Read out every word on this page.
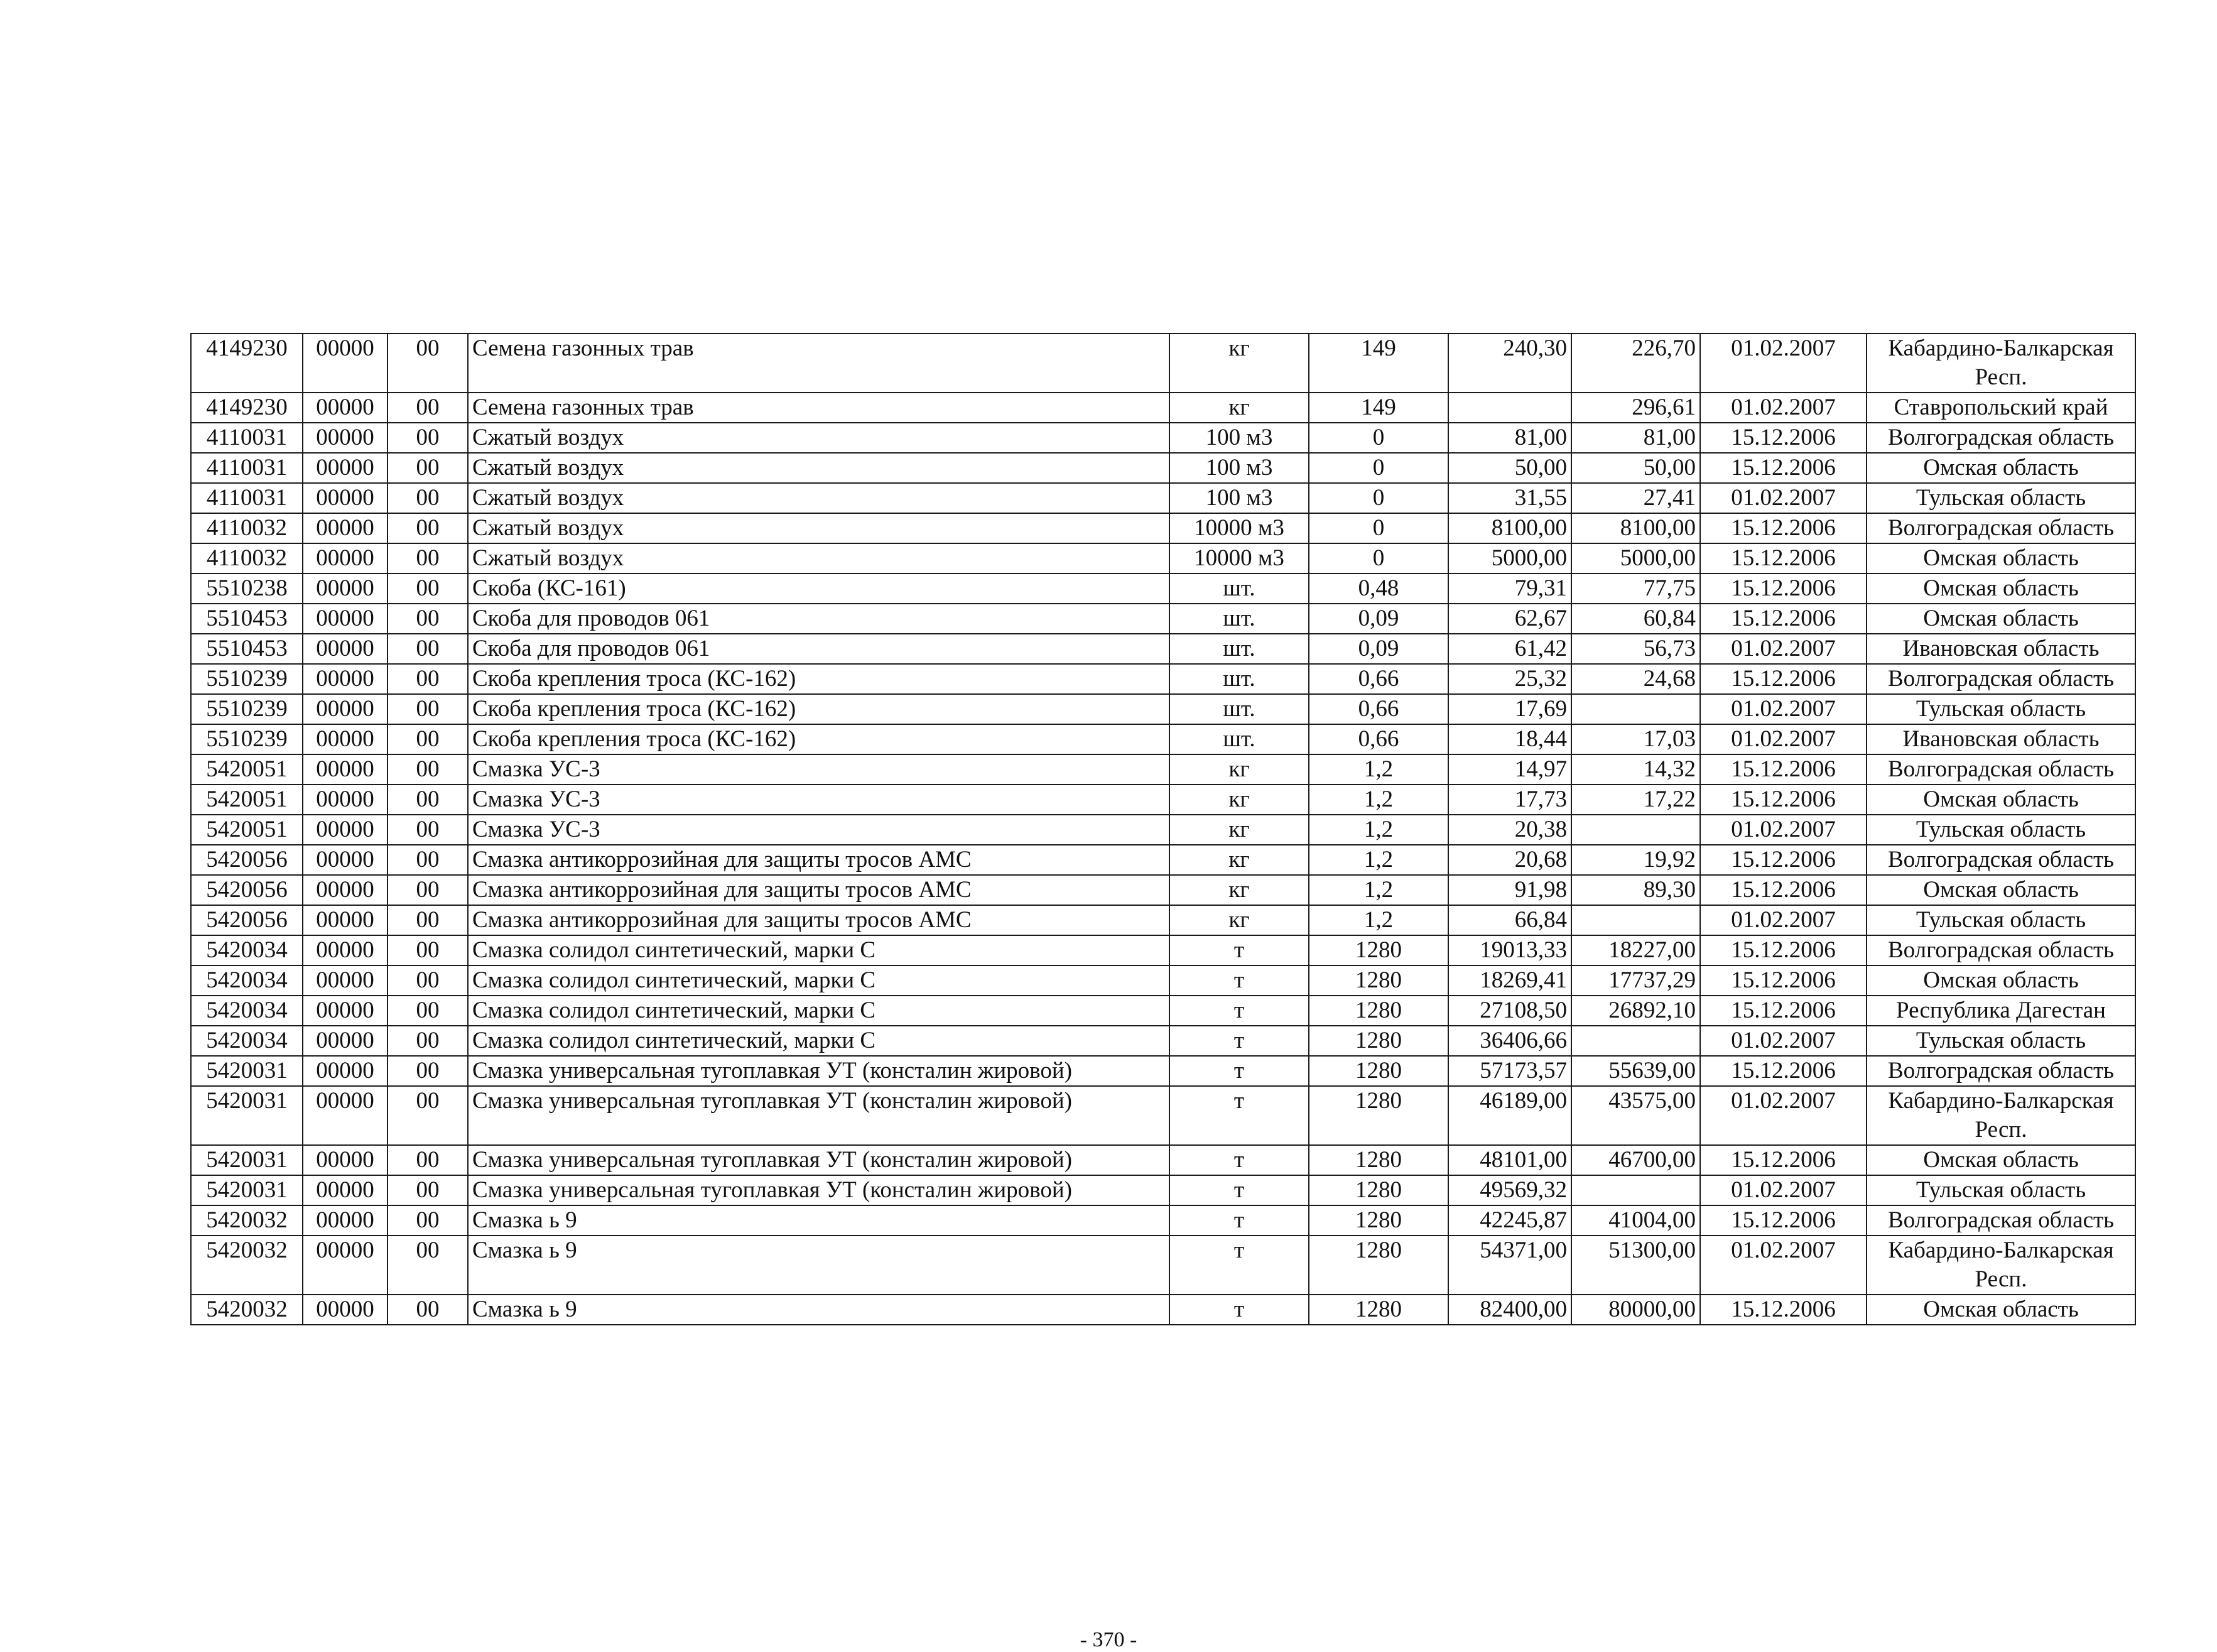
4149230	00000	00	Семена газонных трав	кг	149	240,30	226,70	01.02.2007	Кабардино-Балкарская Респ.
4149230	00000	00	Семена газонных трав	кг	149		296,61	01.02.2007	Ставропольский край
4110031	00000	00	Сжатый воздух	100 м3	0	81,00	81,00	15.12.2006	Волгоградская область
4110031	00000	00	Сжатый воздух	100 м3	0	50,00	50,00	15.12.2006	Омская область
4110031	00000	00	Сжатый воздух	100 м3	0	31,55	27,41	01.02.2007	Тульская область
4110032	00000	00	Сжатый воздух	10000 м3	0	8100,00	8100,00	15.12.2006	Волгоградская область
4110032	00000	00	Сжатый воздух	10000 м3	0	5000,00	5000,00	15.12.2006	Омская область
5510238	00000	00	Скоба (КС-161)	шт.	0,48	79,31	77,75	15.12.2006	Омская область
5510453	00000	00	Скоба для проводов 061	шт.	0,09	62,67	60,84	15.12.2006	Омская область
5510453	00000	00	Скоба для проводов 061	шт.	0,09	61,42	56,73	01.02.2007	Ивановская область
5510239	00000	00	Скоба крепления троса (КС-162)	шт.	0,66	25,32	24,68	15.12.2006	Волгоградская область
5510239	00000	00	Скоба крепления троса (КС-162)	шт.	0,66	17,69		01.02.2007	Тульская область
5510239	00000	00	Скоба крепления троса (КС-162)	шт.	0,66	18,44	17,03	01.02.2007	Ивановская область
5420051	00000	00	Смазка УС-3	кг	1,2	14,97	14,32	15.12.2006	Волгоградская область
5420051	00000	00	Смазка УС-3	кг	1,2	17,73	17,22	15.12.2006	Омская область
5420051	00000	00	Смазка УС-3	кг	1,2	20,38		01.02.2007	Тульская область
5420056	00000	00	Смазка антикоррозийная для защиты тросов АМС	кг	1,2	20,68	19,92	15.12.2006	Волгоградская область
5420056	00000	00	Смазка антикоррозийная для защиты тросов АМС	кг	1,2	91,98	89,30	15.12.2006	Омская область
5420056	00000	00	Смазка антикоррозийная для защиты тросов АМС	кг	1,2	66,84		01.02.2007	Тульская область
5420034	00000	00	Смазка солидол синтетический, марки С	т	1280	19013,33	18227,00	15.12.2006	Волгоградская область
5420034	00000	00	Смазка солидол синтетический, марки С	т	1280	18269,41	17737,29	15.12.2006	Омская область
5420034	00000	00	Смазка солидол синтетический, марки С	т	1280	27108,50	26892,10	15.12.2006	Республика Дагестан
5420034	00000	00	Смазка солидол синтетический, марки С	т	1280	36406,66		01.02.2007	Тульская область
5420031	00000	00	Смазка универсальная тугоплавкая УТ (консталин жировой)	т	1280	57173,57	55639,00	15.12.2006	Волгоградская область
5420031	00000	00	Смазка универсальная тугоплавкая УТ (консталин жировой)	т	1280	46189,00	43575,00	01.02.2007	Кабардино-Балкарская Респ.
5420031	00000	00	Смазка универсальная тугоплавкая УТ (консталин жировой)	т	1280	48101,00	46700,00	15.12.2006	Омская область
5420031	00000	00	Смазка универсальная тугоплавкая УТ (консталин жировой)	т	1280	49569,32		01.02.2007	Тульская область
5420032	00000	00	Смазка ь 9	т	1280	42245,87	41004,00	15.12.2006	Волгоградская область
5420032	00000	00	Смазка ь 9	т	1280	54371,00	51300,00	01.02.2007	Кабардино-Балкарская Респ.
5420032	00000	00	Смазка ь 9	т	1280	82400,00	80000,00	15.12.2006	Омская область
- 370 -
